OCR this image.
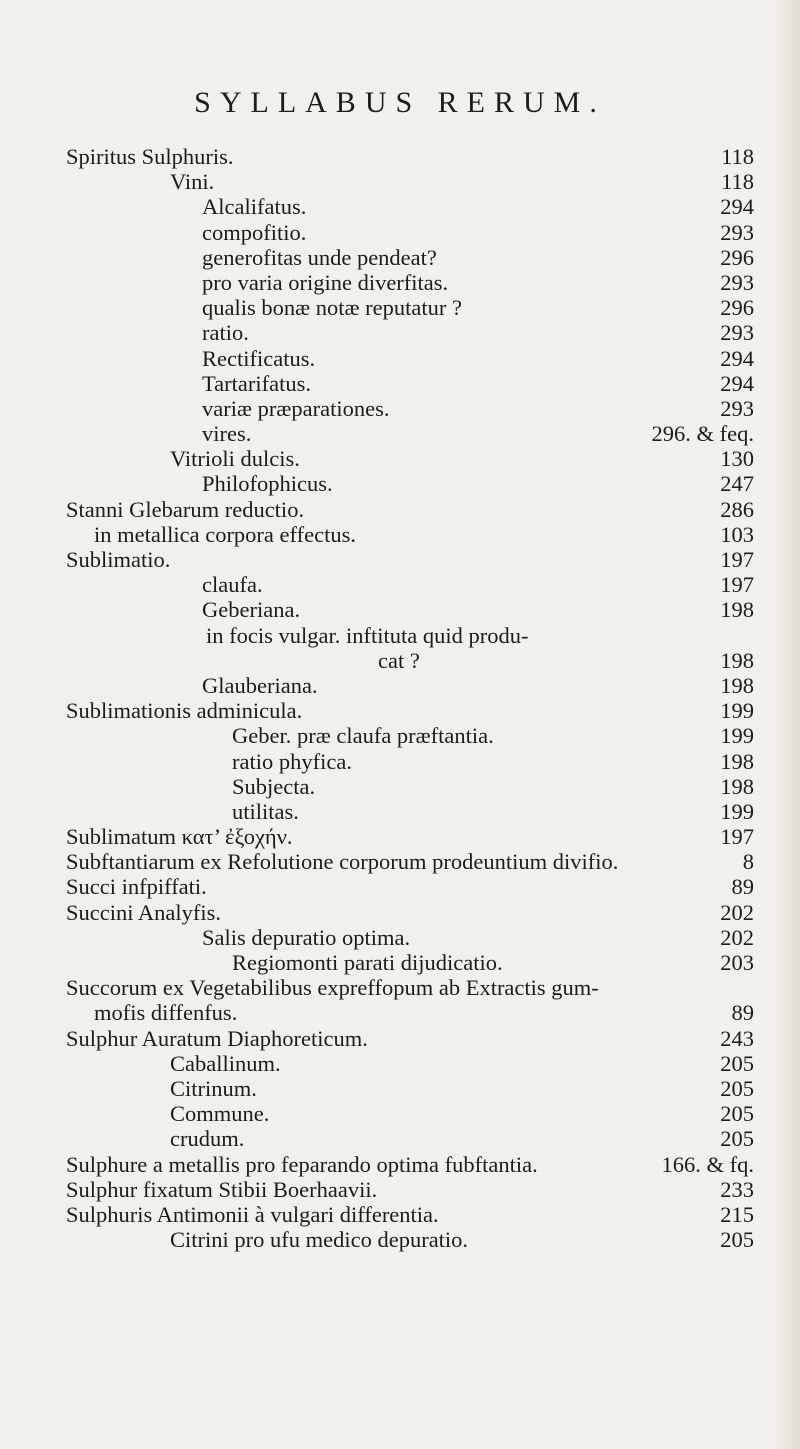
SYLLABUS RERUM.
Spiritus Sulphuris.	118
Vini.	118
Alcalifatus.	294
compofitio.	293
generofitas unde pendeat?	296
pro varia origine diverfitas.	293
qualis bonæ notæ reputatur ?	296
ratio.	293
Rectificatus.	294
Tartarifatus.	294
variæ præparationes.	293
vires.	296. & feq.
Vitrioli dulcis.	130
Philofophicus.	247
Stanni Glebarum reductio.	286
in metallica corpora effectus.	103
Sublimatio.	197
claufa.	197
Geberiana.	198
in focis vulgar. inftituta quid produ-
cat ?	198
Glauberiana.	198
Sublimationis adminicula.	199
Geber. præ claufa præftantia.	199
ratio phyfica.	198
Subjecta.	198
utilitas.	199
Sublimatum κατ’ ἐξοχήν.	197
Subftantiarum ex Refolutione corporum prodeuntium divifio.	8
Succi infpiffati.	89
Succini Analyfis.	202
Salis depuratio optima.	202
Regiomonti parati dijudicatio.	203
Succorum ex Vegetabilibus expreffорum ab Extractis gum-
mofis diffenfus.	89
Sulphur Auratum Diaphoreticum.	243
Caballinum.	205
Citrinum.	205
Commune.	205
crudum.	205
Sulphure a metallis pro feparando optima fubftantia.	166. & fq.
Sulphur fixatum Stibii Boerhaavii.	233
Sulphuris Antimonii à vulgari differentia.	215
Citrini pro ufu medico depuratio.	205
